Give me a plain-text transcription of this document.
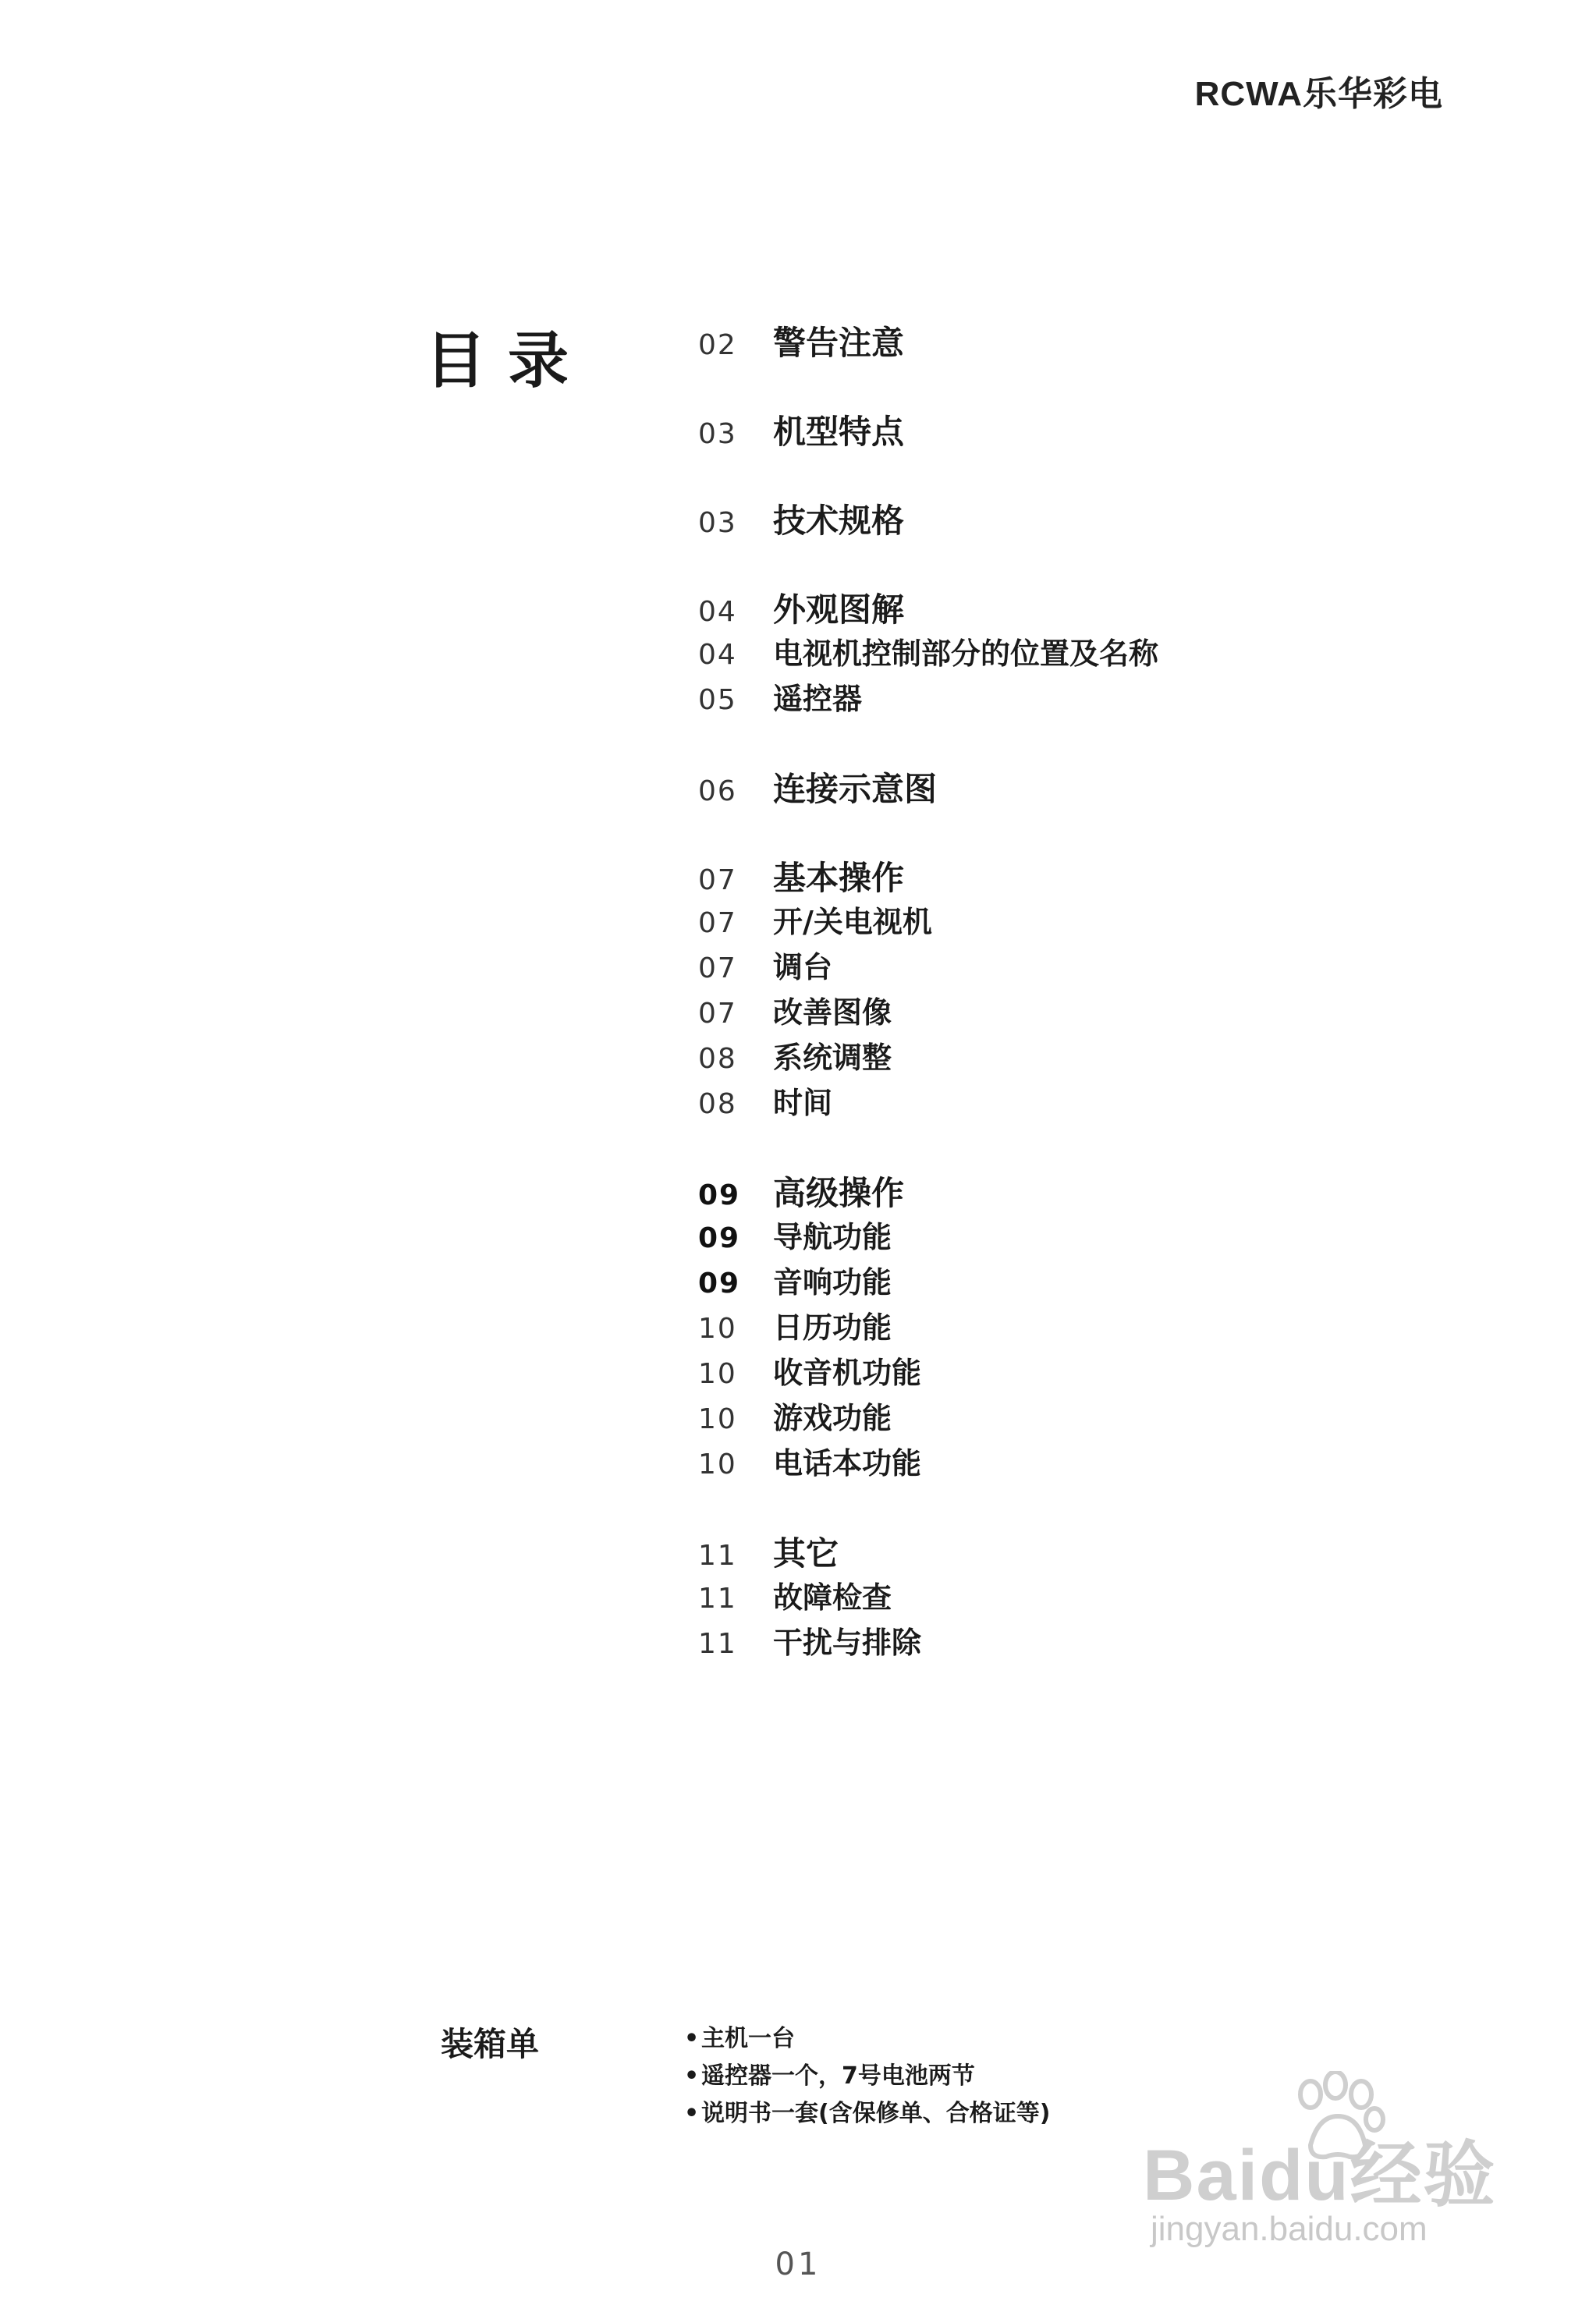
RCWA乐华彩电
目录	02	警告注意
03	机型特点
03	技术规格
04	外观图解
04	电视机控制部分的位置及名称
05	遥控器
06	连接示意图
07	基本操作
07	开/关电视机
07	调台
07	改善图像
08	系统调整
08	时间
09 高级操作
09	导航功能
09	音响功能
10	日历功能
10	收音机功能
10	游戏功能
10	电话本功能
11	其它
11	故障检查
11	干扰与排除
装箱单	•主机一台
•遥控器一个，7号电池两节
•说明书一套(含保修单、合格证等)
01
Baidu经验
jingyan.baidu.com
